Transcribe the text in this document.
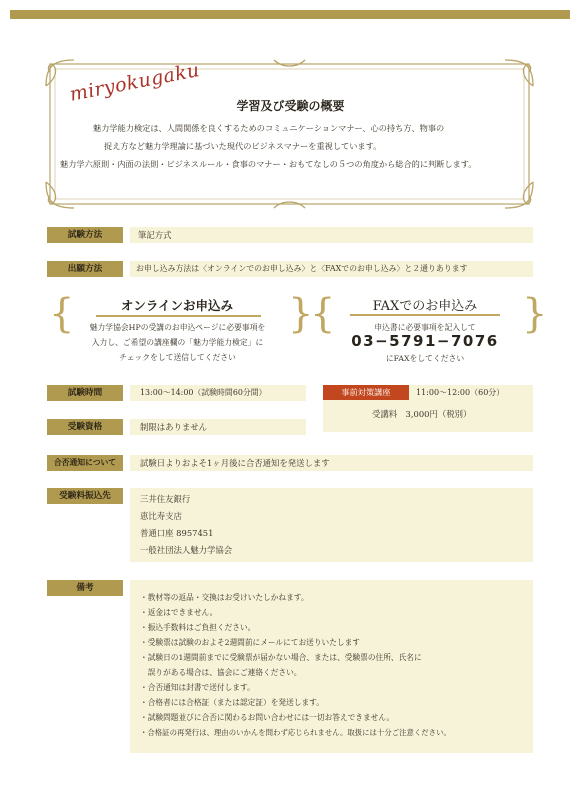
miryokugaku
学習及び受験の概要
魅力学能力検定は、人間関係を良くするためのコミュニケーションマナー、心の持ち方、物事の
捉え方など魅力学理論に基づいた現代のビジネスマナーを重視しています。
魅力学六原則・内面の法則・ビジネスルール・食事のマナー・おもてなしの５つの角度から総合的に判断します。
試験方法	筆記方式
出願方法	お申し込み方法は〈オンラインでのお申し込み〉と〈FAXでのお申し込み〉と２通りあります
{	}
オンラインお申込み
魅力学協会HPの受講のお申込ページに必要事項を
入力し、ご希望の講座欄の「魅力学能力検定」に
チェックをして送信してください
{	}
FAXでのお申込み
申込書に必要事項を記入して
03−5791−7076
にFAXをしてください
試験時間	13:00〜14:00（試験時間60分間）	事前対策講座	11:00〜12:00（60分）
受講料　3,000円（税別）
受験資格	制限はありません
合否通知について	試験日よりおよそ1ヶ月後に合否通知を発送します
受験料振込先	三井住友銀行
恵比寿支店
普通口座 8957451
一般社団法人魅力学協会
備考
・教材等の返品・交換はお受けいたしかねます。
・返金はできません。
・振込手数料はご負担ください。
・受験票は試験のおよそ2週間前にメールにてお送りいたします
・試験日の1週間前までに受験票が届かない場合、または、受験票の住所、氏名に
　誤りがある場合は、協会にご連絡ください。
・合否通知は封書で送付します。
・合格者には合格証（または認定証）を発送します。
・試験問題並びに合否に関わるお問い合わせには一切お答えできません。
・合格証の再発行は、理由のいかんを問わず応じられません。取扱には十分ご注意ください。
